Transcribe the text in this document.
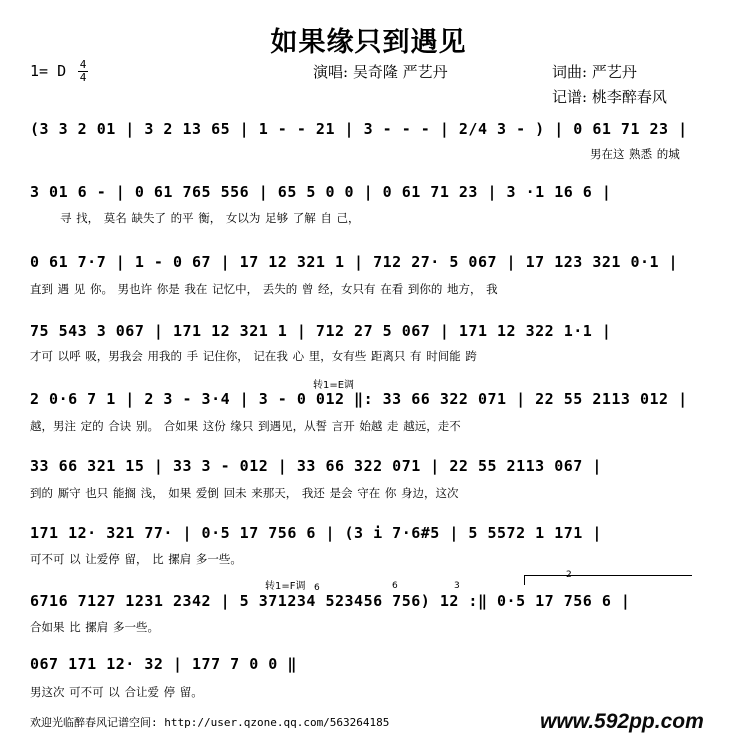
如果缘只到遇见
1= D 4
4	演唱: 吴奇隆 严艺丹	词曲: 严艺丹
记谱: 桃李醉春风
(3 3 2 01 | 3 2 13 65 | 1 - - 21 | 3 - - - | 2/4 3 - ) | 0 61 71 23 |
男在这 熟悉 的城
3 01 6 - | 0 61 765 556 | 65 5 0 0 | 0 61 71 23 | 3 ·1 16 6 |
寻 找， 莫名 缺失了 的平 衡， 女以为 足够 了解 自 己，
0 61 7·7 | 1 - 0 67 | 17 12 321 1 | 712 27· 5 067 | 17 123 321 0·1 |
直到 遇 见 你。 男也许 你是 我在 记忆中， 丢失的 曾 经，女只有 在看 到你的 地方， 我
75 543 3 067 | 171 12 321 1 | 712 27 5 067 | 171 12 322 1·1 |
才可 以呼 吸，男我会 用我的 手 记住你， 记在我 心 里，女有些 距离只 有 时间能 跨
转1=E调
2 0·6 7 1 | 2 3 - 3·4 | 3 - 0 012 ‖: 33 66 322 071 | 22 55 2113 012 |
越，男注 定的 合诀 别。 合如果 这份 缘只 到遇见，从誓 言开 始越 走 越远，走不
33 66 321 15 | 33 3 - 012 | 33 66 322 071 | 22 55 2113 067 |
到的 厮守 也只 能搁 浅， 如果 爱倒 回未 来那天， 我还 是会 守在 你 身边，这次
171 12· 321 77· | 0·5 17 756 6 | (3 i 7·6#5 | 5 5572 1 171 |
可不可 以 让爱停 留， 比 摞肩 多一些。
转1=F调 6	6	3
6716 7127 1231 2342 | 5 371234 523456 756) 12 :‖ 0·5 17 756 6 |
合如果 比 摞肩 多一些。
067 171 12· 32 | 177 7 0 0 ‖
男这次 可不可 以 合让爱 停 留。
欢迎光临醉春风记谱空间: http://user.qzone.qq.com/563264185	www.592pp.com
